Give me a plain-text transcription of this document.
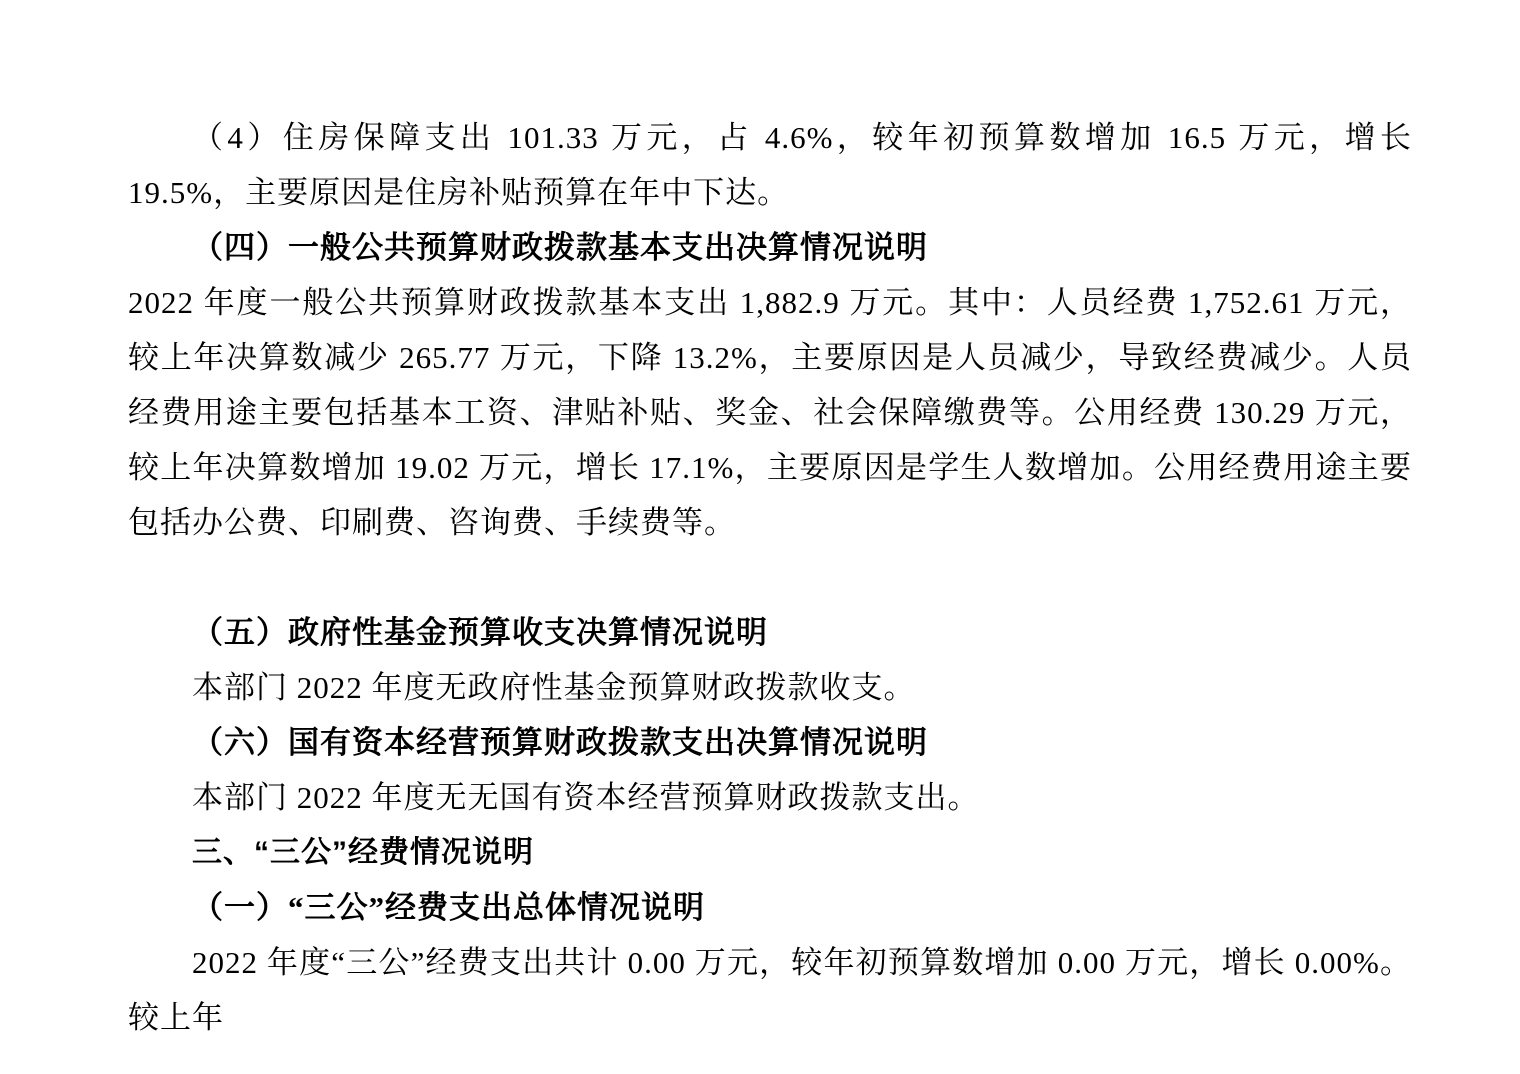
（4）住房保障支出 101.33 万元，占 4.6%，较年初预算数增加 16.5 万元，增长 19.5%，主要原因是住房补贴预算在年中下达。
（四）一般公共预算财政拨款基本支出决算情况说明
2022 年度一般公共预算财政拨款基本支出 1,882.9 万元。其中：人员经费 1,752.61 万元，较上年决算数减少 265.77 万元，下降 13.2%，主要原因是人员减少，导致经费减少。人员经费用途主要包括基本工资、津贴补贴、奖金、社会保障缴费等。公用经费 130.29 万元，较上年决算数增加 19.02 万元，增长 17.1%，主要原因是学生人数增加。公用经费用途主要包括办公费、印刷费、咨询费、手续费等。
（五）政府性基金预算收支决算情况说明
本部门 2022 年度无政府性基金预算财政拨款收支。
（六）国有资本经营预算财政拨款支出决算情况说明
本部门 2022 年度无无国有资本经营预算财政拨款支出。
三、“三公”经费情况说明
（一）“三公”经费支出总体情况说明
2022 年度“三公”经费支出共计 0.00 万元，较年初预算数增加 0.00 万元，增长 0.00%。较上年
